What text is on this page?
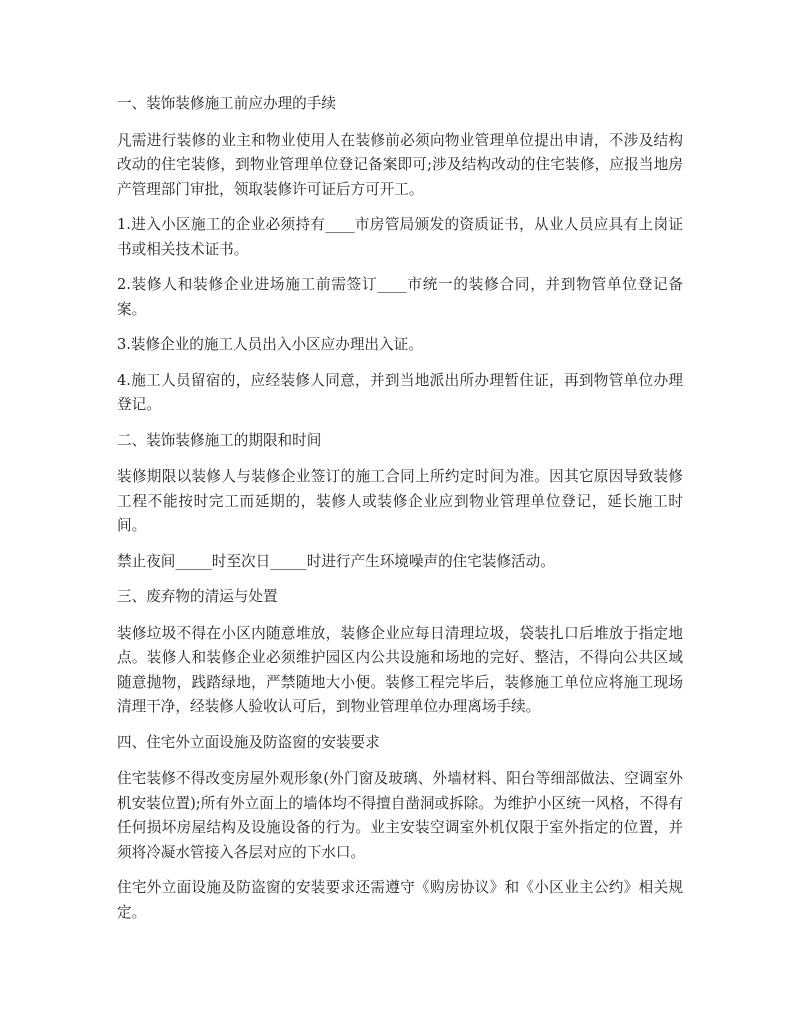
一、装饰装修施工前应办理的手续

凡需进行装修的业主和物业使用人在装修前必须向物业管理单位提出申请，不涉及结构改动的住宅装修，到物业管理单位登记备案即可;涉及结构改动的住宅装修，应报当地房产管理部门审批，领取装修许可证后方可开工。

1.进入小区施工的企业必须持有____市房管局颁发的资质证书，从业人员应具有上岗证书或相关技术证书。

2.装修人和装修企业进场施工前需签订____市统一的装修合同，并到物管单位登记备案。

3.装修企业的施工人员出入小区应办理出入证。

4.施工人员留宿的，应经装修人同意，并到当地派出所办理暂住证，再到物管单位办理登记。

二、装饰装修施工的期限和时间

装修期限以装修人与装修企业签订的施工合同上所约定时间为准。因其它原因导致装修工程不能按时完工而延期的，装修人或装修企业应到物业管理单位登记，延长施工时间。

禁止夜间_____时至次日_____时进行产生环境噪声的住宅装修活动。

三、废弃物的清运与处置

装修垃圾不得在小区内随意堆放，装修企业应每日清理垃圾，袋装扎口后堆放于指定地点。装修人和装修企业必须维护园区内公共设施和场地的完好、整洁，不得向公共区域随意抛物，践踏绿地，严禁随地大小便。装修工程完毕后，装修施工单位应将施工现场清理干净，经装修人验收认可后，到物业管理单位办理离场手续。

四、住宅外立面设施及防盗窗的安装要求

住宅装修不得改变房屋外观形象(外门窗及玻璃、外墙材料、阳台等细部做法、空调室外机安装位置);所有外立面上的墙体均不得擅自凿洞或拆除。为维护小区统一风格，不得有任何损坏房屋结构及设施设备的行为。业主安装空调室外机仅限于室外指定的位置，并须将冷凝水管接入各层对应的下水口。

住宅外立面设施及防盗窗的安装要求还需遵守《购房协议》和《小区业主公约》相关规定。
